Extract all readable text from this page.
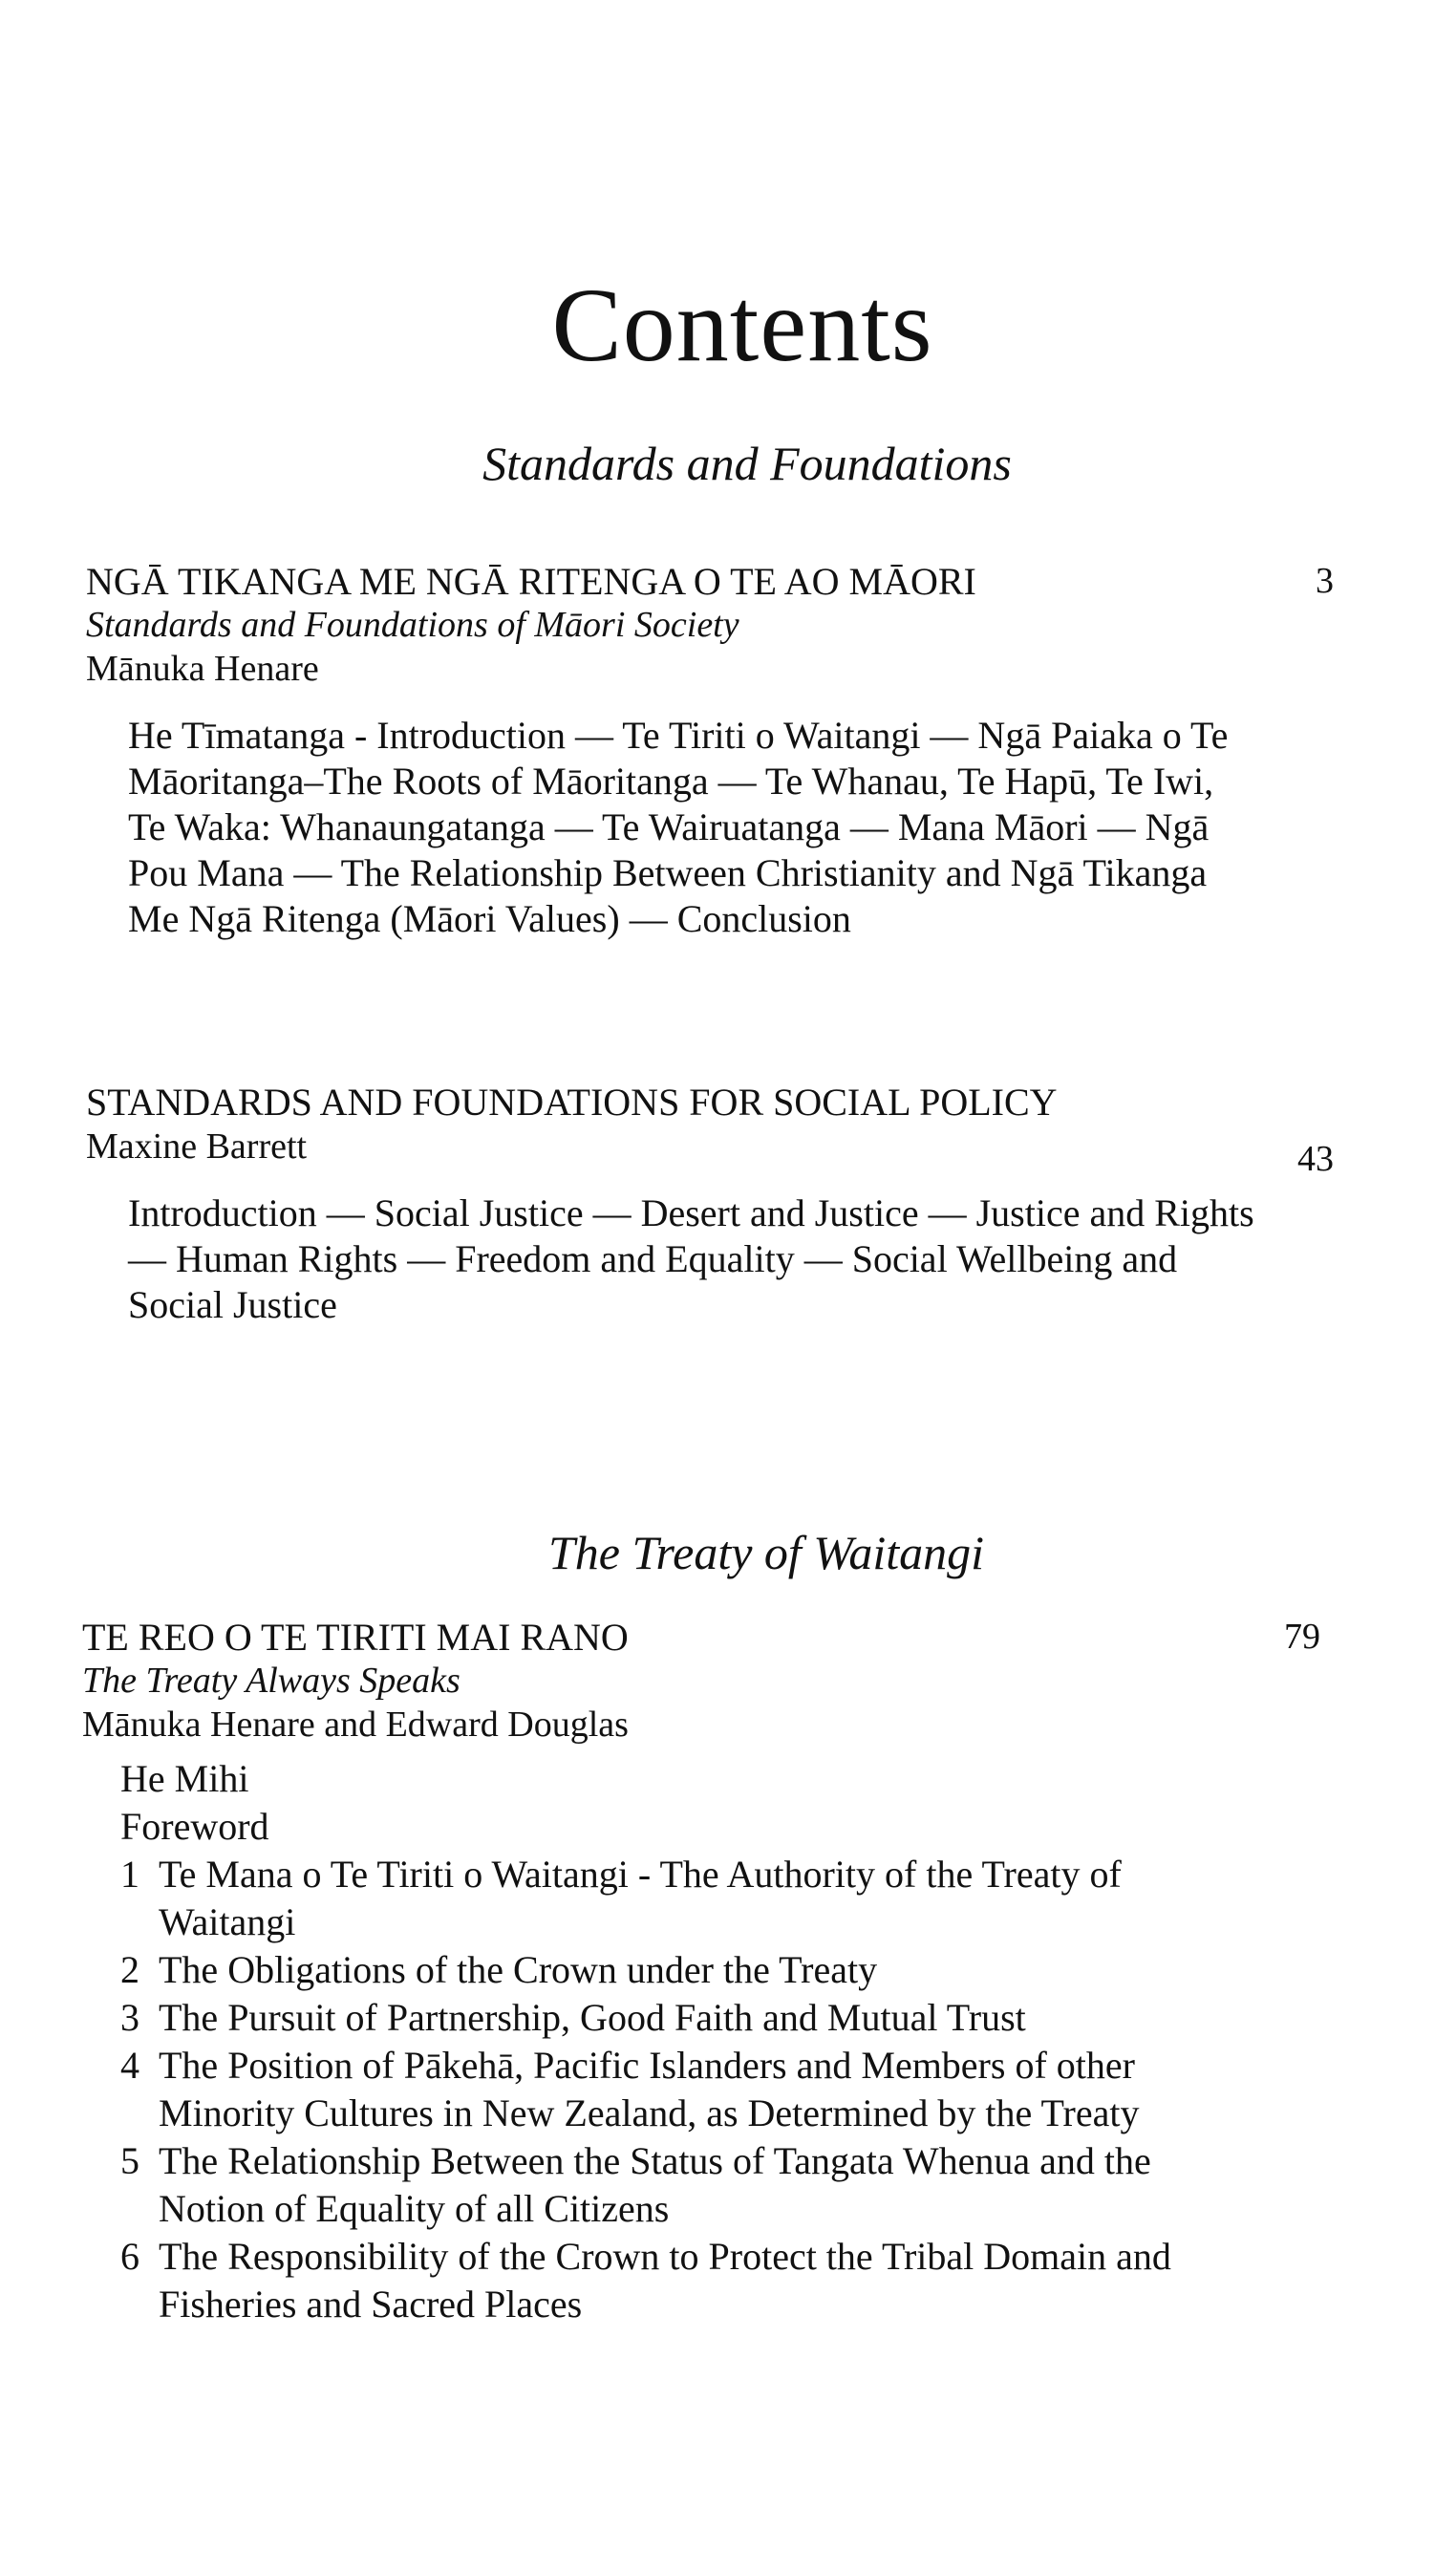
Contents
Standards and Foundations
NGĀ TIKANGA ME NGĀ RITENGA O TE AO MĀORI	3
Standards and Foundations of Māori Society
Mānuka Henare
He Tīmatanga - Introduction — Te Tiriti o Waitangi — Ngā Paiaka o Te Māoritanga–The Roots of Māoritanga — Te Whanau, Te Hapū, Te Iwi, Te Waka: Whanaungatanga — Te Wairuatanga — Mana Māori — Ngā Pou Mana — The Relationship Between Christianity and Ngā Tikanga Me Ngā Ritenga (Māori Values) — Conclusion
STANDARDS AND FOUNDATIONS FOR SOCIAL POLICY
43
Maxine Barrett
Introduction — Social Justice — Desert and Justice — Justice and Rights — Human Rights — Freedom and Equality — Social Wellbeing and Social Justice
The Treaty of Waitangi
TE REO O TE TIRITI MAI RANO	79
The Treaty Always Speaks
Mānuka Henare and Edward Douglas
He Mihi
Foreword
1 Te Mana o Te Tiriti o Waitangi - The Authority of the Treaty of Waitangi
2 The Obligations of the Crown under the Treaty
3 The Pursuit of Partnership, Good Faith and Mutual Trust
4 The Position of Pākehā, Pacific Islanders and Members of other Minority Cultures in New Zealand, as Determined by the Treaty
5 The Relationship Between the Status of Tangata Whenua and the Notion of Equality of all Citizens
6 The Responsibility of the Crown to Protect the Tribal Domain and Fisheries and Sacred Places
